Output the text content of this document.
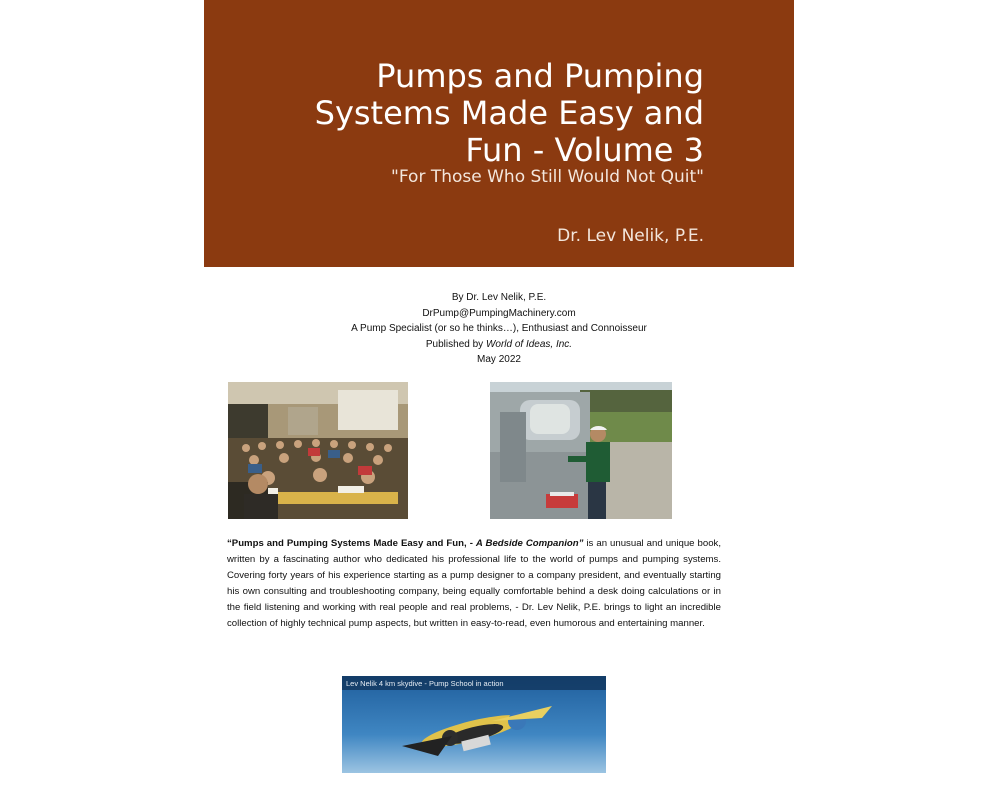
Pumps and Pumping
Systems Made Easy and
Fun - Volume 3
"For Those Who Still Would Not Quit"
Dr. Lev Nelik, P.E.
By Dr. Lev Nelik, P.E.
DrPump@PumpingMachinery.com
A Pump Specialist (or so he thinks…), Enthusiast and Connoisseur
Published by World of Ideas, Inc.
May 2022
“Pumps and Pumping Systems Made Easy and Fun, - A Bedside Companion” is an unusual and unique book, written by a fascinating author who dedicated his professional life to the world of pumps and pumping systems. Covering forty years of his experience starting as a pump designer to a company president, and eventually starting his own consulting and troubleshooting company, being equally comfortable behind a desk doing calculations or in the field listening and working with real people and real problems, - Dr. Lev Nelik, P.E. brings to light an incredible collection of highly technical pump aspects, but written in easy-to-read, even humorous and entertaining manner.
Lev Nelik 4 km skydive - Pump School in action
